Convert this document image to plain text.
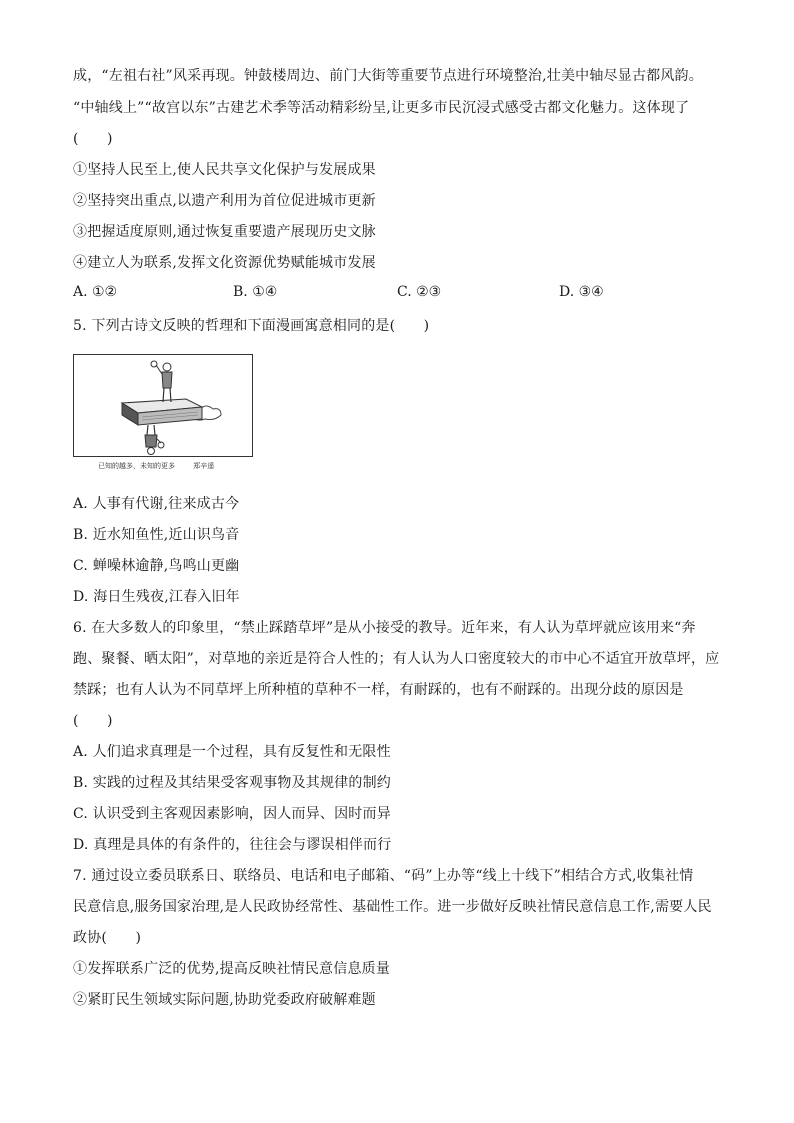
成，“左祖右社”风采再现。钟鼓楼周边、前门大街等重要节点进行环境整治,壮美中轴尽显古都风韵。
“中轴线上”“故宫以东”古建艺术季等活动精彩纷呈,让更多市民沉浸式感受古都文化魅力。这体现了
(　　)
①坚持人民至上,使人民共享文化保护与发展成果
②坚持突出重点,以遗产利用为首位促进城市更新
③把握适度原则,通过恢复重要遗产展现历史文脉
④建立人为联系,发挥文化资源优势赋能城市发展
A. ①②	B. ①④	C. ②③	D. ③④
5. 下列古诗文反映的哲理和下面漫画寓意相同的是(　　)
已知的越多，未知的更多	郑辛遥
A. 人事有代谢,往来成古今
B. 近水知鱼性,近山识鸟音
C. 蝉噪林逾静,鸟鸣山更幽
D. 海日生残夜,江春入旧年
6. 在大多数人的印象里，“禁止踩踏草坪”是从小接受的教导。近年来，有人认为草坪就应该用来“奔
跑、聚餐、晒太阳”，对草地的亲近是符合人性的；有人认为人口密度较大的市中心不适宜开放草坪，应
禁踩；也有人认为不同草坪上所种植的草种不一样，有耐踩的，也有不耐踩的。出现分歧的原因是
(　　)
A. 人们追求真理是一个过程，具有反复性和无限性
B. 实践的过程及其结果受客观事物及其规律的制约
C. 认识受到主客观因素影响，因人而异、因时而异
D. 真理是具体的有条件的，往往会与谬误相伴而行
7. 通过设立委员联系日、联络员、电话和电子邮箱、“码”上办等“线上十线下”相结合方式,收集社情
民意信息,服务国家治理,是人民政协经常性、基础性工作。进一步做好反映社情民意信息工作,需要人民
政协(　　)
①发挥联系广泛的优势,提高反映社情民意信息质量
②紧盯民生领域实际问题,协助党委政府破解难题
